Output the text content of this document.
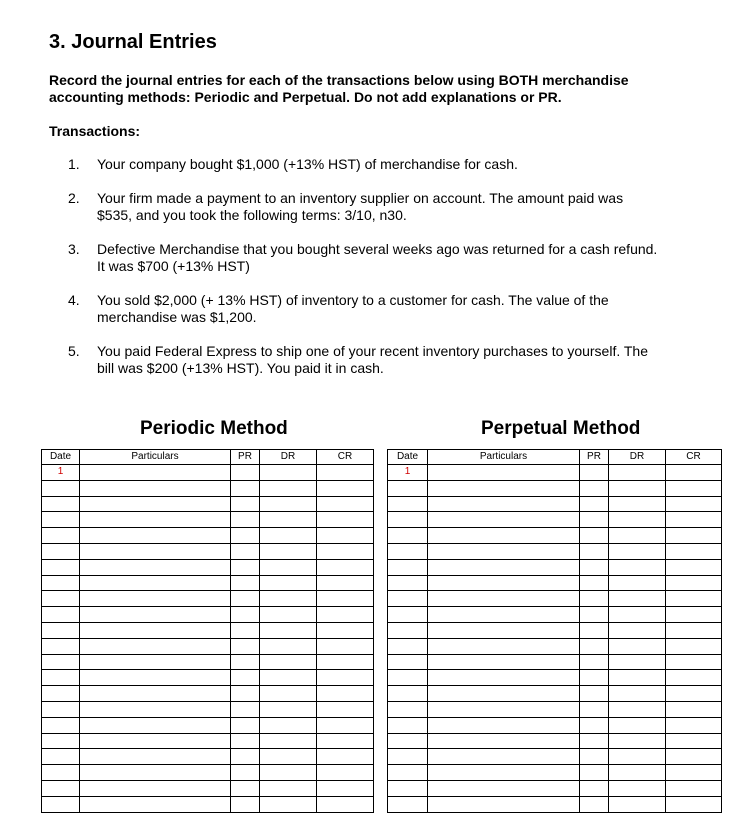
3. Journal Entries

Record the journal entries for each of the transactions below using BOTH merchandise
accounting methods: Periodic and Perpetual. Do not add explanations or PR.

Transactions:

1.	Your company bought $1,000 (+13% HST) of merchandise for cash.
2.	Your firm made a payment to an inventory supplier on account. The amount paid was
$535, and you took the following terms: 3/10, n30.
3.	Defective Merchandise that you bought several weeks ago was returned for a cash refund.
It was $700 (+13% HST)
4.	You sold $2,000 (+ 13% HST) of inventory to a customer for cash. The value of the
merchandise was $1,200.
5.	You paid Federal Express to ship one of your recent inventory purchases to yourself. The
bill was $200 (+13% HST). You paid it in cash.
Periodic Method	Perpetual Method
Date	Particulars	PR	DR	CR
1				

Date	Particulars	PR	DR	CR
1				
